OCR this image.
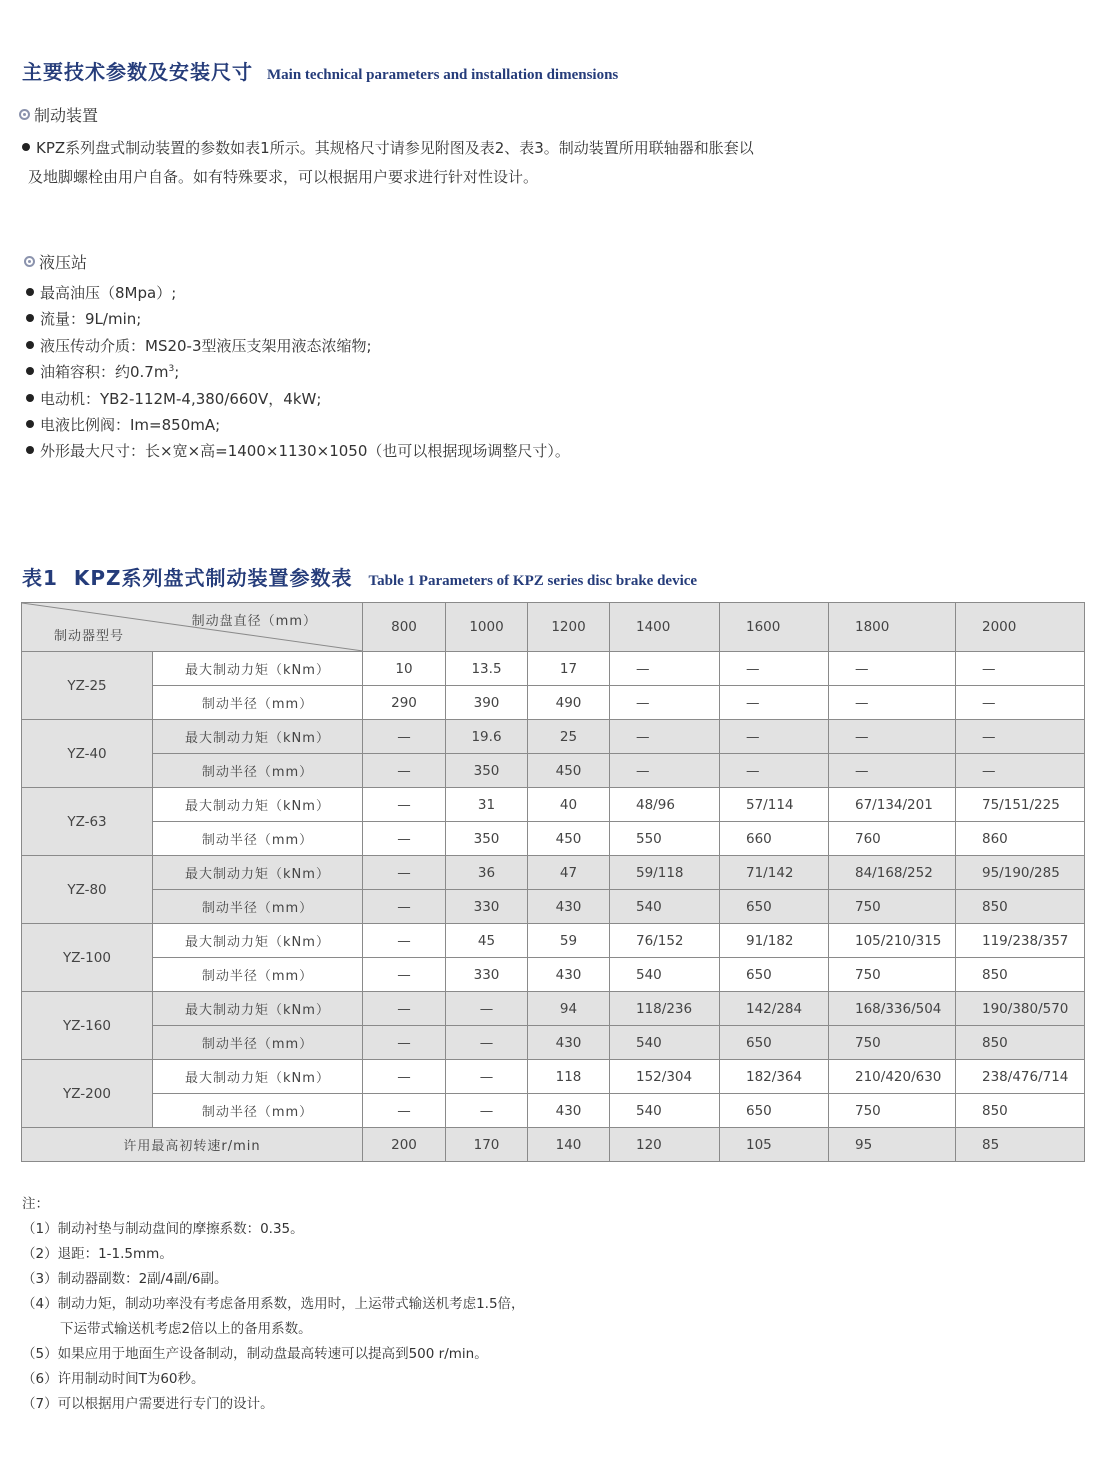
主要技术参数及安装尺寸 Main technical parameters and installation dimensions
制动装置
KPZ系列盘式制动装置的参数如表1所示。其规格尺寸请参见附图及表2、表3。制动装置所用联轴器和胀套以
及地脚螺栓由用户自备。如有特殊要求，可以根据用户要求进行针对性设计。
液压站
最高油压（8Mpa）;
流量：9L/min;
液压传动介质：MS20-3型液压支架用液态浓缩物;
油箱容积：约$0.7m^3$;
电动机：YB2-112M-4,380/660V，4kW;
电液比例阀：Im=850mA;
外形最大尺寸：长×宽×高=1400×1130×1050（也可以根据现场调整尺寸）。
表1  KPZ系列盘式制动装置参数表 Table 1 Parameters of KPZ series disc brake device
制动盘直径（mm）
制动器型号		800	1000	1200	1400	1600	1800	2000
YZ-25	最大制动力矩（kNm）	10	13.5	17	—	—	—	—
	制动半径（mm）	290	390	490	—	—	—	—
YZ-40	最大制动力矩（kNm）	—	19.6	25	—	—	—	—
	制动半径（mm）	—	350	450	—	—	—	—
YZ-63	最大制动力矩（kNm）	—	31	40	48/96	57/114	67/134/201	75/151/225
	制动半径（mm）	—	350	450	550	660	760	860
YZ-80	最大制动力矩（kNm）	—	36	47	59/118	71/142	84/168/252	95/190/285
	制动半径（mm）	—	330	430	540	650	750	850
YZ-100	最大制动力矩（kNm）	—	45	59	76/152	91/182	105/210/315	119/238/357
	制动半径（mm）	—	330	430	540	650	750	850
YZ-160	最大制动力矩（kNm）	—	—	94	118/236	142/284	168/336/504	190/380/570
	制动半径（mm）	—	—	430	540	650	750	850
YZ-200	最大制动力矩（kNm）	—	—	118	152/304	182/364	210/420/630	238/476/714
	制动半径（mm）	—	—	430	540	650	750	850
许用最高初转速r/min		200	170	140	120	105	95	85
注：
（1）制动衬垫与制动盘间的摩擦系数：0.35。
（2）退距：1-1.5mm。
（3）制动器副数：2副/4副/6副。
（4）制动力矩，制动功率没有考虑备用系数，选用时，上运带式输送机考虑1.5倍，
下运带式输送机考虑2倍以上的备用系数。
（5）如果应用于地面生产设备制动，制动盘最高转速可以提高到500 r/min。
（6）许用制动时间T为60秒。
（7）可以根据用户需要进行专门的设计。
